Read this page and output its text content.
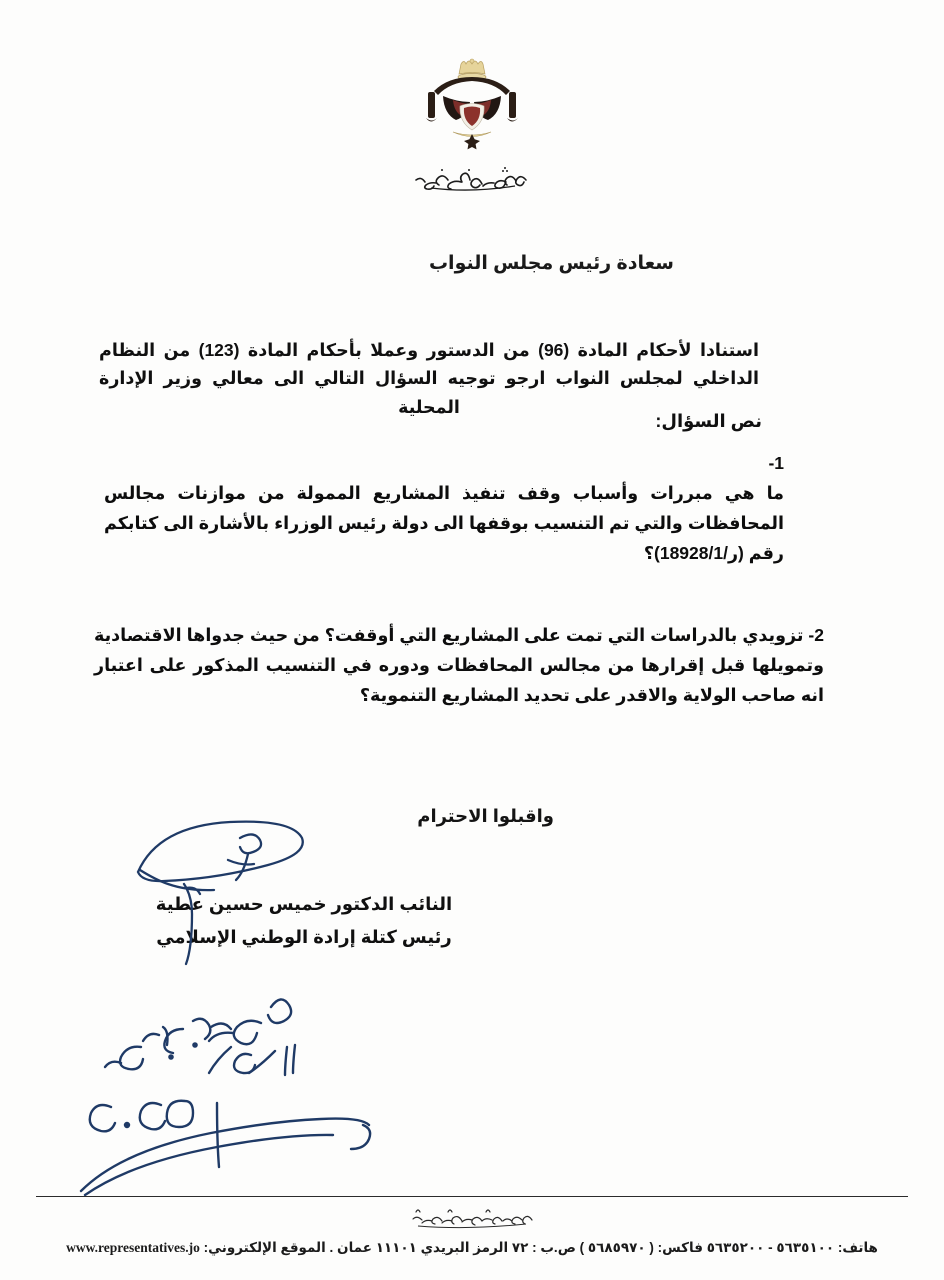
سعادة رئيس مجلس النواب
استنادا لأحكام المادة (96) من الدستور وعملا بأحكام المادة (123) من النظام الداخلي لمجلس النواب ارجو توجيه السؤال التالي الى معالي وزير الإدارة المحلية
نص السؤال:
1-
ما هي مبررات وأسباب وقف تنفيذ المشاريع الممولة من موازنات مجالس المحافظات والتي تم التنسيب بوقفها الى دولة رئيس الوزراء بالأشارة الى كتابكم رقم (ر/18928/1)؟
2- تزويدي بالدراسات التي تمت على المشاريع التي أوقفت؟ من حيث جدواها الاقتصادية وتمويلها قبل إقرارها من مجالس المحافظات ودوره في التنسيب المذكور على اعتبار انه صاحب الولاية والاقدر على تحديد المشاريع التنموية؟
واقبلوا الاحترام
النائب الدكتور خميس حسين عطية
رئيس كتلة إرادة الوطني الإسلامي
هاتف: ٥٦٣٥١٠٠ - ٥٦٣٥٢٠٠ فاكس: ( ٥٦٨٥٩٧٠ ) ص.ب : ٧٢ الرمز البريدي ١١١٠١ عمان . الموقع الإلكتروني: www.representatives.jo
